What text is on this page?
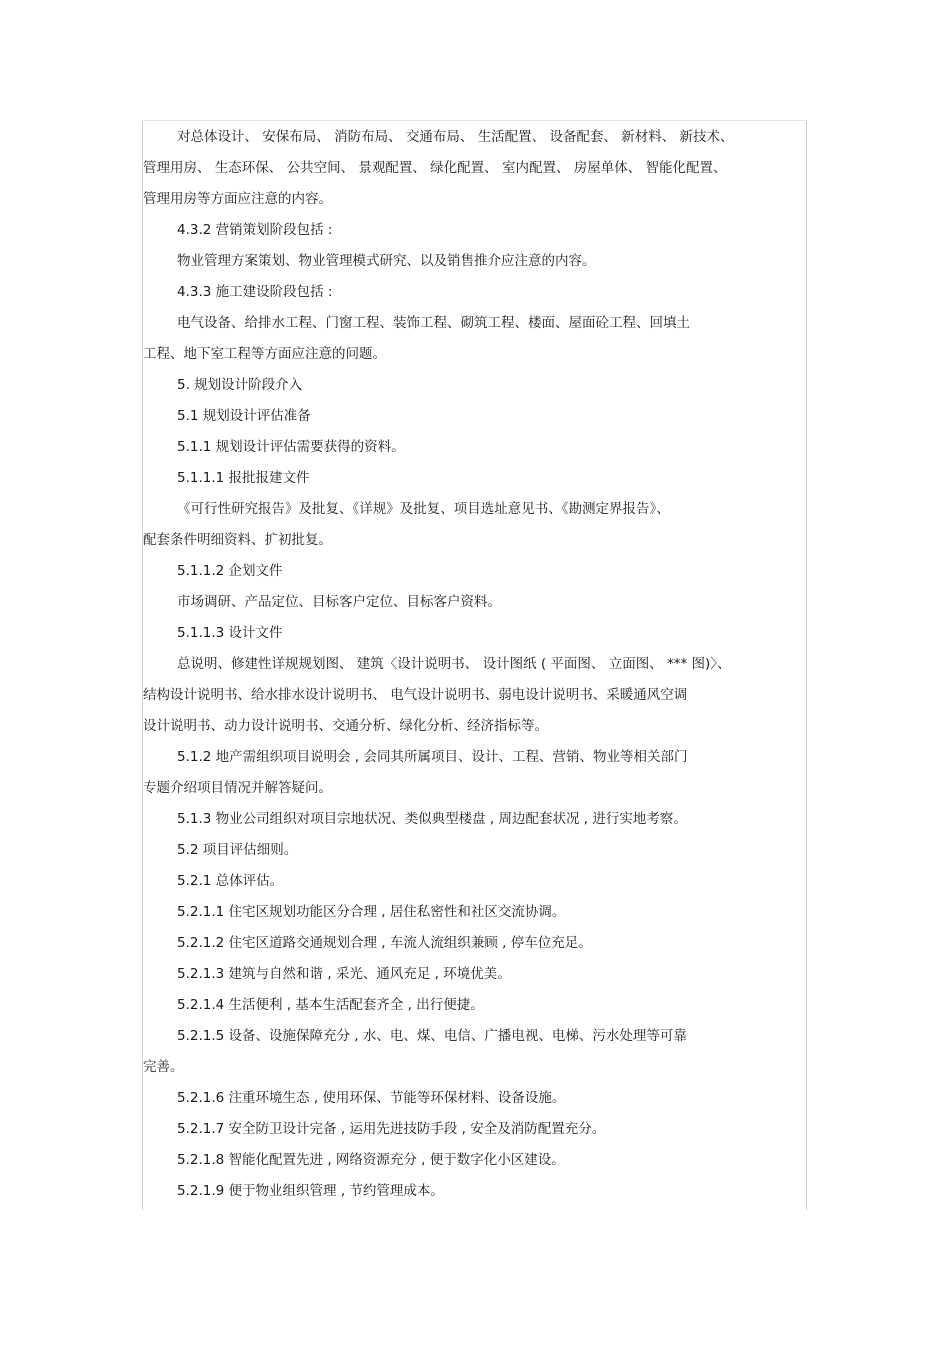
对总体设计、 安保布局、 消防布局、 交通布局、 生活配置、 设备配套、 新材料、 新技术、
管理用房、 生态环保、 公共空间、 景观配置、 绿化配置、 室内配置、 房屋单体、 智能化配置、
管理用房等方面应注意的内容。
4.3.2 营销策划阶段包括 :
物业管理方案策划、物业管理模式研究、以及销售推介应注意的内容。
4.3.3 施工建设阶段包括 :
电气设备、给排水工程、门窗工程、装饰工程、砌筑工程、楼面、屋面砼工程、回填土
工程、地下室工程等方面应注意的问题。
5. 规划设计阶段介入
5.1 规划设计评估准备
5.1.1 规划设计评估需要获得的资料。
5.1.1.1 报批报建文件
《可行性研究报告》及批复、《详规》及批复、项目选址意见书、《勘测定界报告》、
配套条件明细资料、扩初批复。
5.1.1.2 企划文件
市场调研、产品定位、目标客户定位、目标客户资料。
5.1.1.3 设计文件
总说明、修建性详规规划图、 建筑〈设计说明书、 设计图纸 ( 平面图、 立面图、 *** 图)〉、
结构设计说明书、给水排水设计说明书、 电气设计说明书、弱电设计说明书、采暖通风空调
设计说明书、动力设计说明书、交通分析、绿化分析、经济指标等。
5.1.2 地产需组织项目说明会 , 会同其所属项目、设计、工程、营销、物业等相关部门
专题介绍项目情况并解答疑问。
5.1.3 物业公司组织对项目宗地状况、类似典型楼盘 , 周边配套状况 , 进行实地考察。
5.2 项目评估细则。
5.2.1 总体评估。
5.2.1.1 住宅区规划功能区分合理 , 居住私密性和社区交流协调。
5.2.1.2 住宅区道路交通规划合理 , 车流人流组织兼顾 , 停车位充足。
5.2.1.3 建筑与自然和谐 , 采光、通风充足 , 环境优美。
5.2.1.4 生活便利 , 基本生活配套齐全 , 出行便捷。
5.2.1.5 设备、设施保障充分 , 水、电、煤、电信、广播电视、电梯、污水处理等可靠
完善。
5.2.1.6 注重环境生态 , 使用环保、节能等环保材料、设备设施。
5.2.1.7 安全防卫设计完备 , 运用先进技防手段 , 安全及消防配置充分。
5.2.1.8 智能化配置先进 , 网络资源充分 , 便于数字化小区建设。
5.2.1.9 便于物业组织管理 , 节约管理成本。
